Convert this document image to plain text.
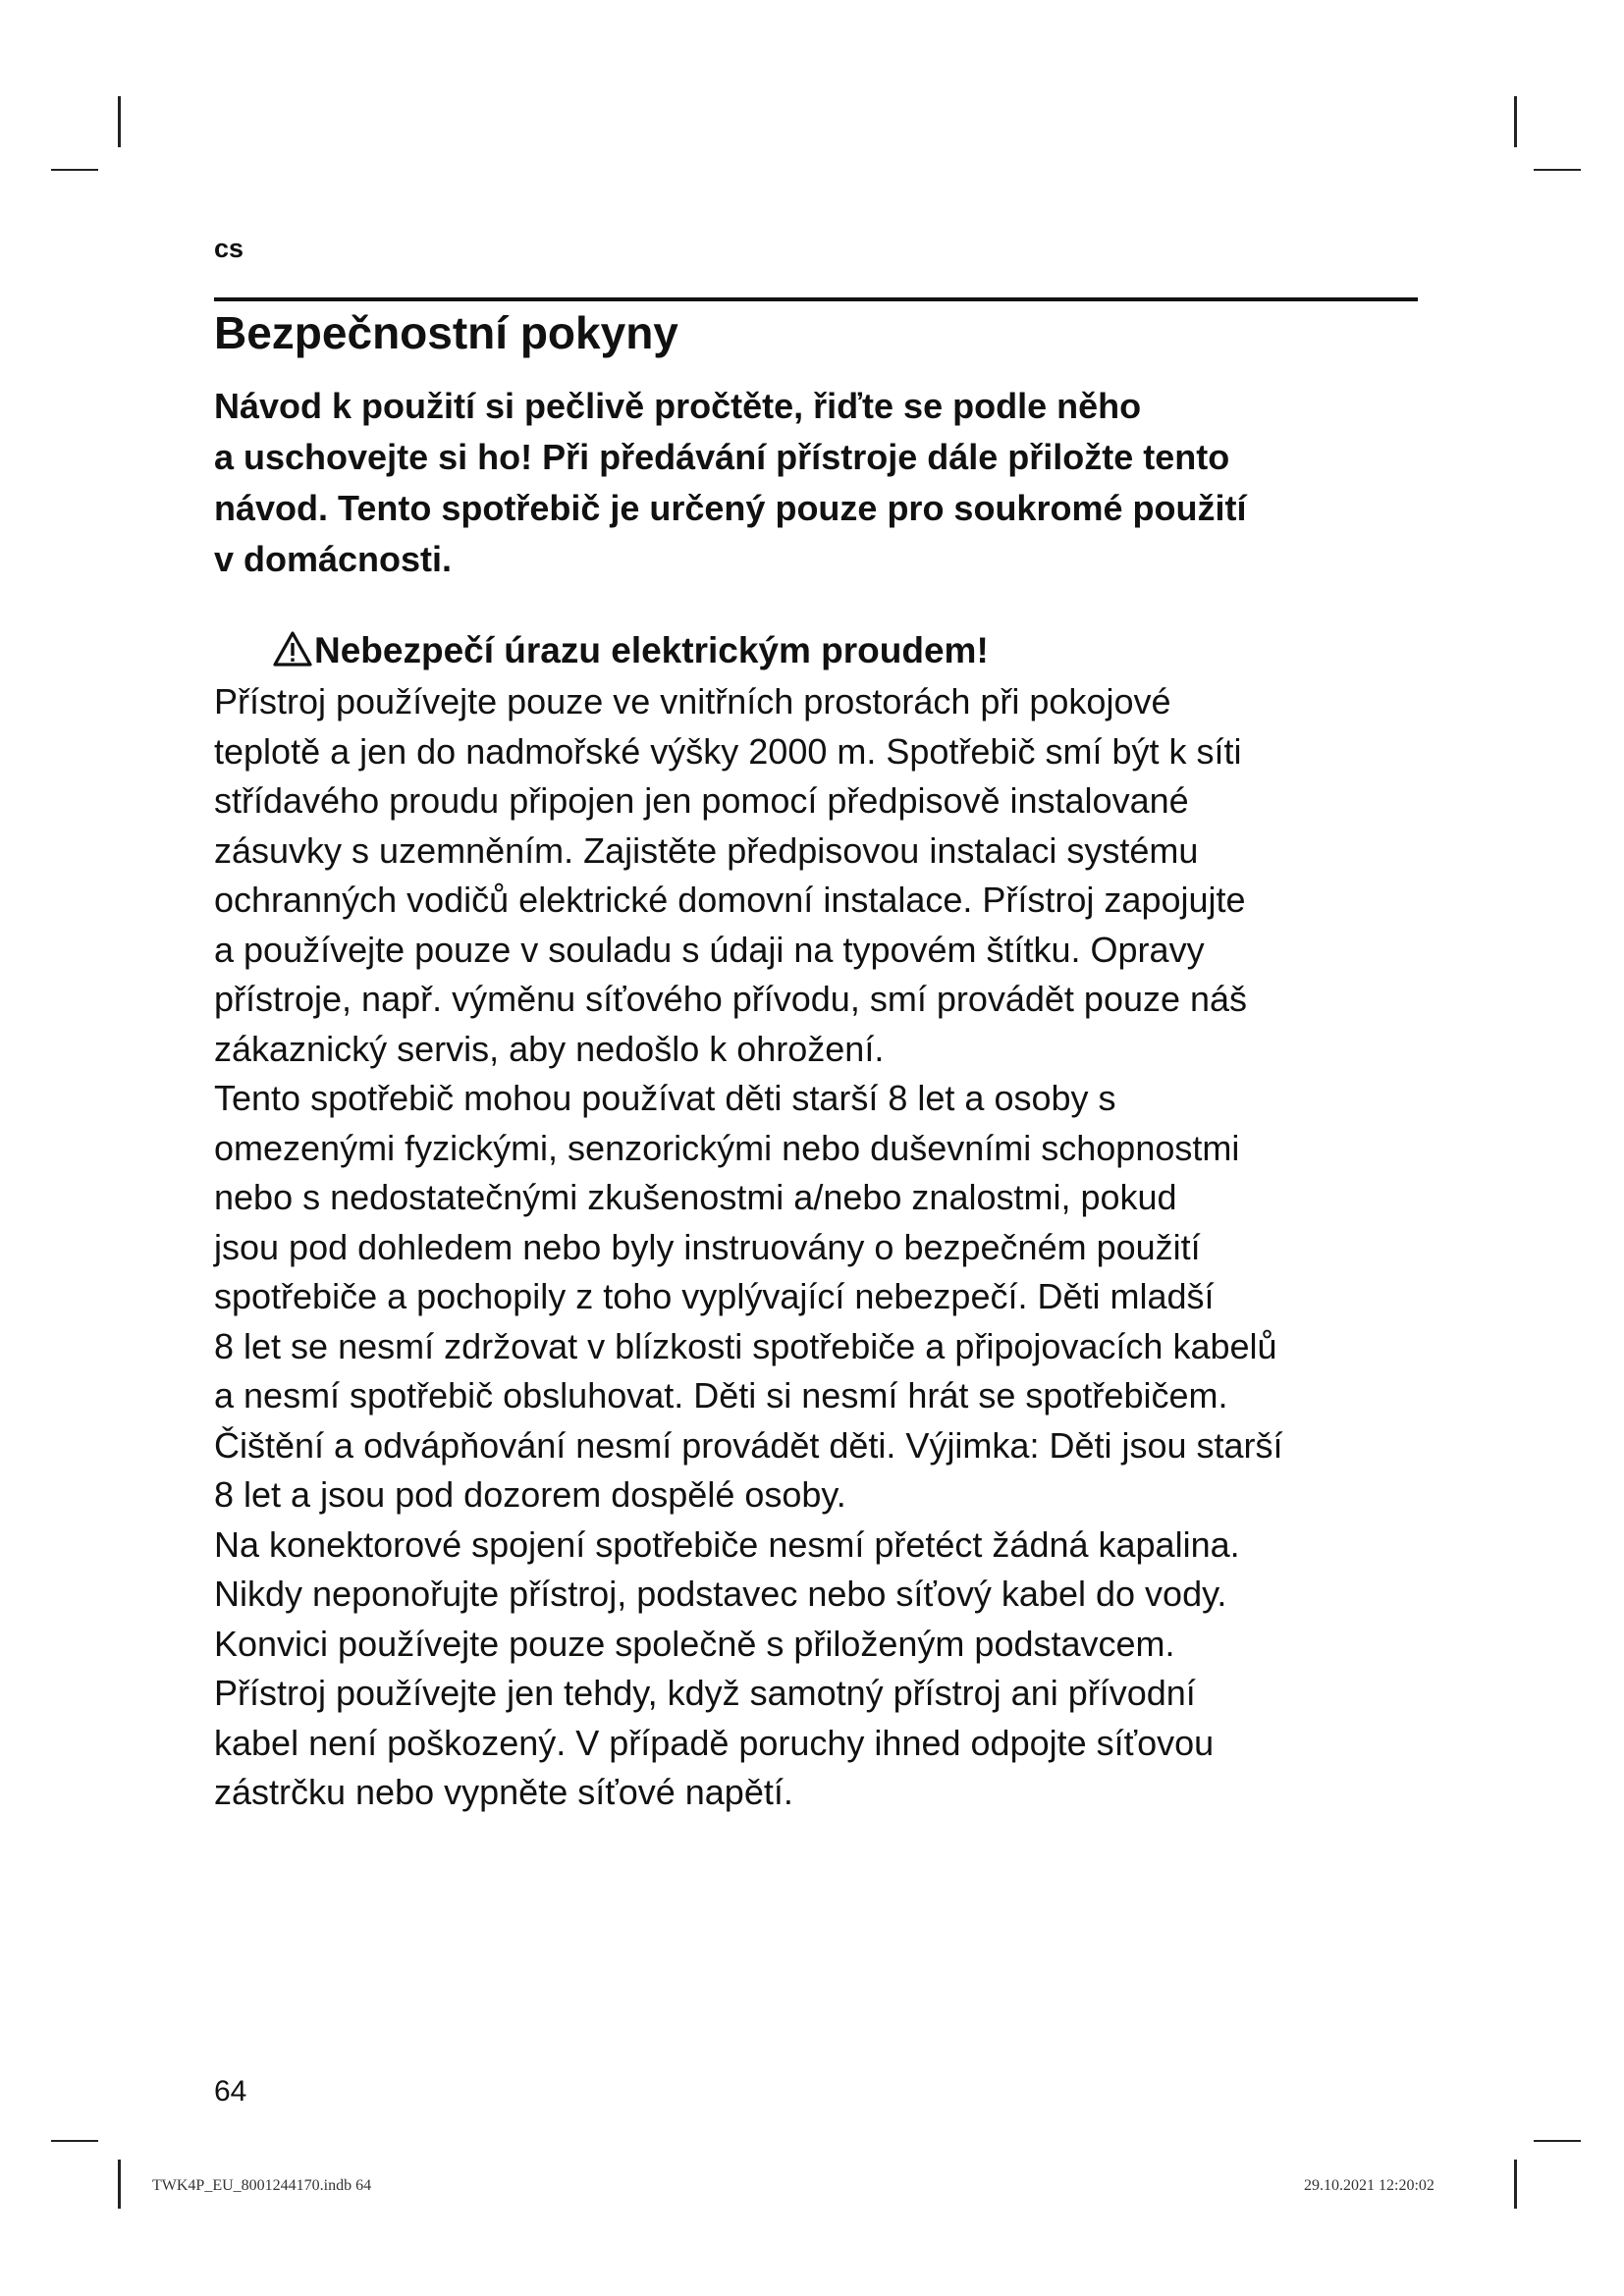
cs
Bezpečnostní pokyny
Návod k použití si pečlivě pročtěte, řiďte se podle něho
a uschovejte si ho! Při předávání přístroje dále přiložte tento
návod. Tento spotřebič je určený pouze pro soukromé použití
v domácnosti.
Nebezpečí úrazu elektrickým proudem!
Přístroj používejte pouze ve vnitřních prostorách při pokojové
teplotě a jen do nadmořské výšky 2000 m. Spotřebič smí být k síti
střídavého proudu připojen jen pomocí předpisově instalované
zásuvky s uzemněním. Zajistěte předpisovou instalaci systému
ochranných vodičů elektrické domovní instalace. Přístroj zapojujte
a používejte pouze v souladu s údaji na typovém štítku. Opravy
přístroje, např. výměnu síťového přívodu, smí provádět pouze náš
zákaznický servis, aby nedošlo k ohrožení.
Tento spotřebič mohou používat děti starší 8 let a osoby s
omezenými fyzickými, senzorickými nebo duševními schopnostmi
nebo s nedostatečnými zkušenostmi a/nebo znalostmi, pokud
jsou pod dohledem nebo byly instruovány o bezpečném použití
spotřebiče a pochopily z toho vyplývající nebezpečí. Děti mladší
8 let se nesmí zdržovat v blízkosti spotřebiče a připojovacích kabelů
a nesmí spotřebič obsluhovat. Děti si nesmí hrát se spotřebičem.
Čištění a odvápňování nesmí provádět děti. Výjimka: Děti jsou starší
8 let a jsou pod dozorem dospělé osoby.
Na konektorové spojení spotřebiče nesmí přetéct žádná kapalina.
Nikdy neponořujte přístroj, podstavec nebo síťový kabel do vody.
Konvici používejte pouze společně s přiloženým podstavcem.
Přístroj používejte jen tehdy, když samotný přístroj ani přívodní
kabel není poškozený. V případě poruchy ihned odpojte síťovou
zástrčku nebo vypněte síťové napětí.
64
TWK4P_EU_8001244170.indb 64	29.10.2021 12:20:02
